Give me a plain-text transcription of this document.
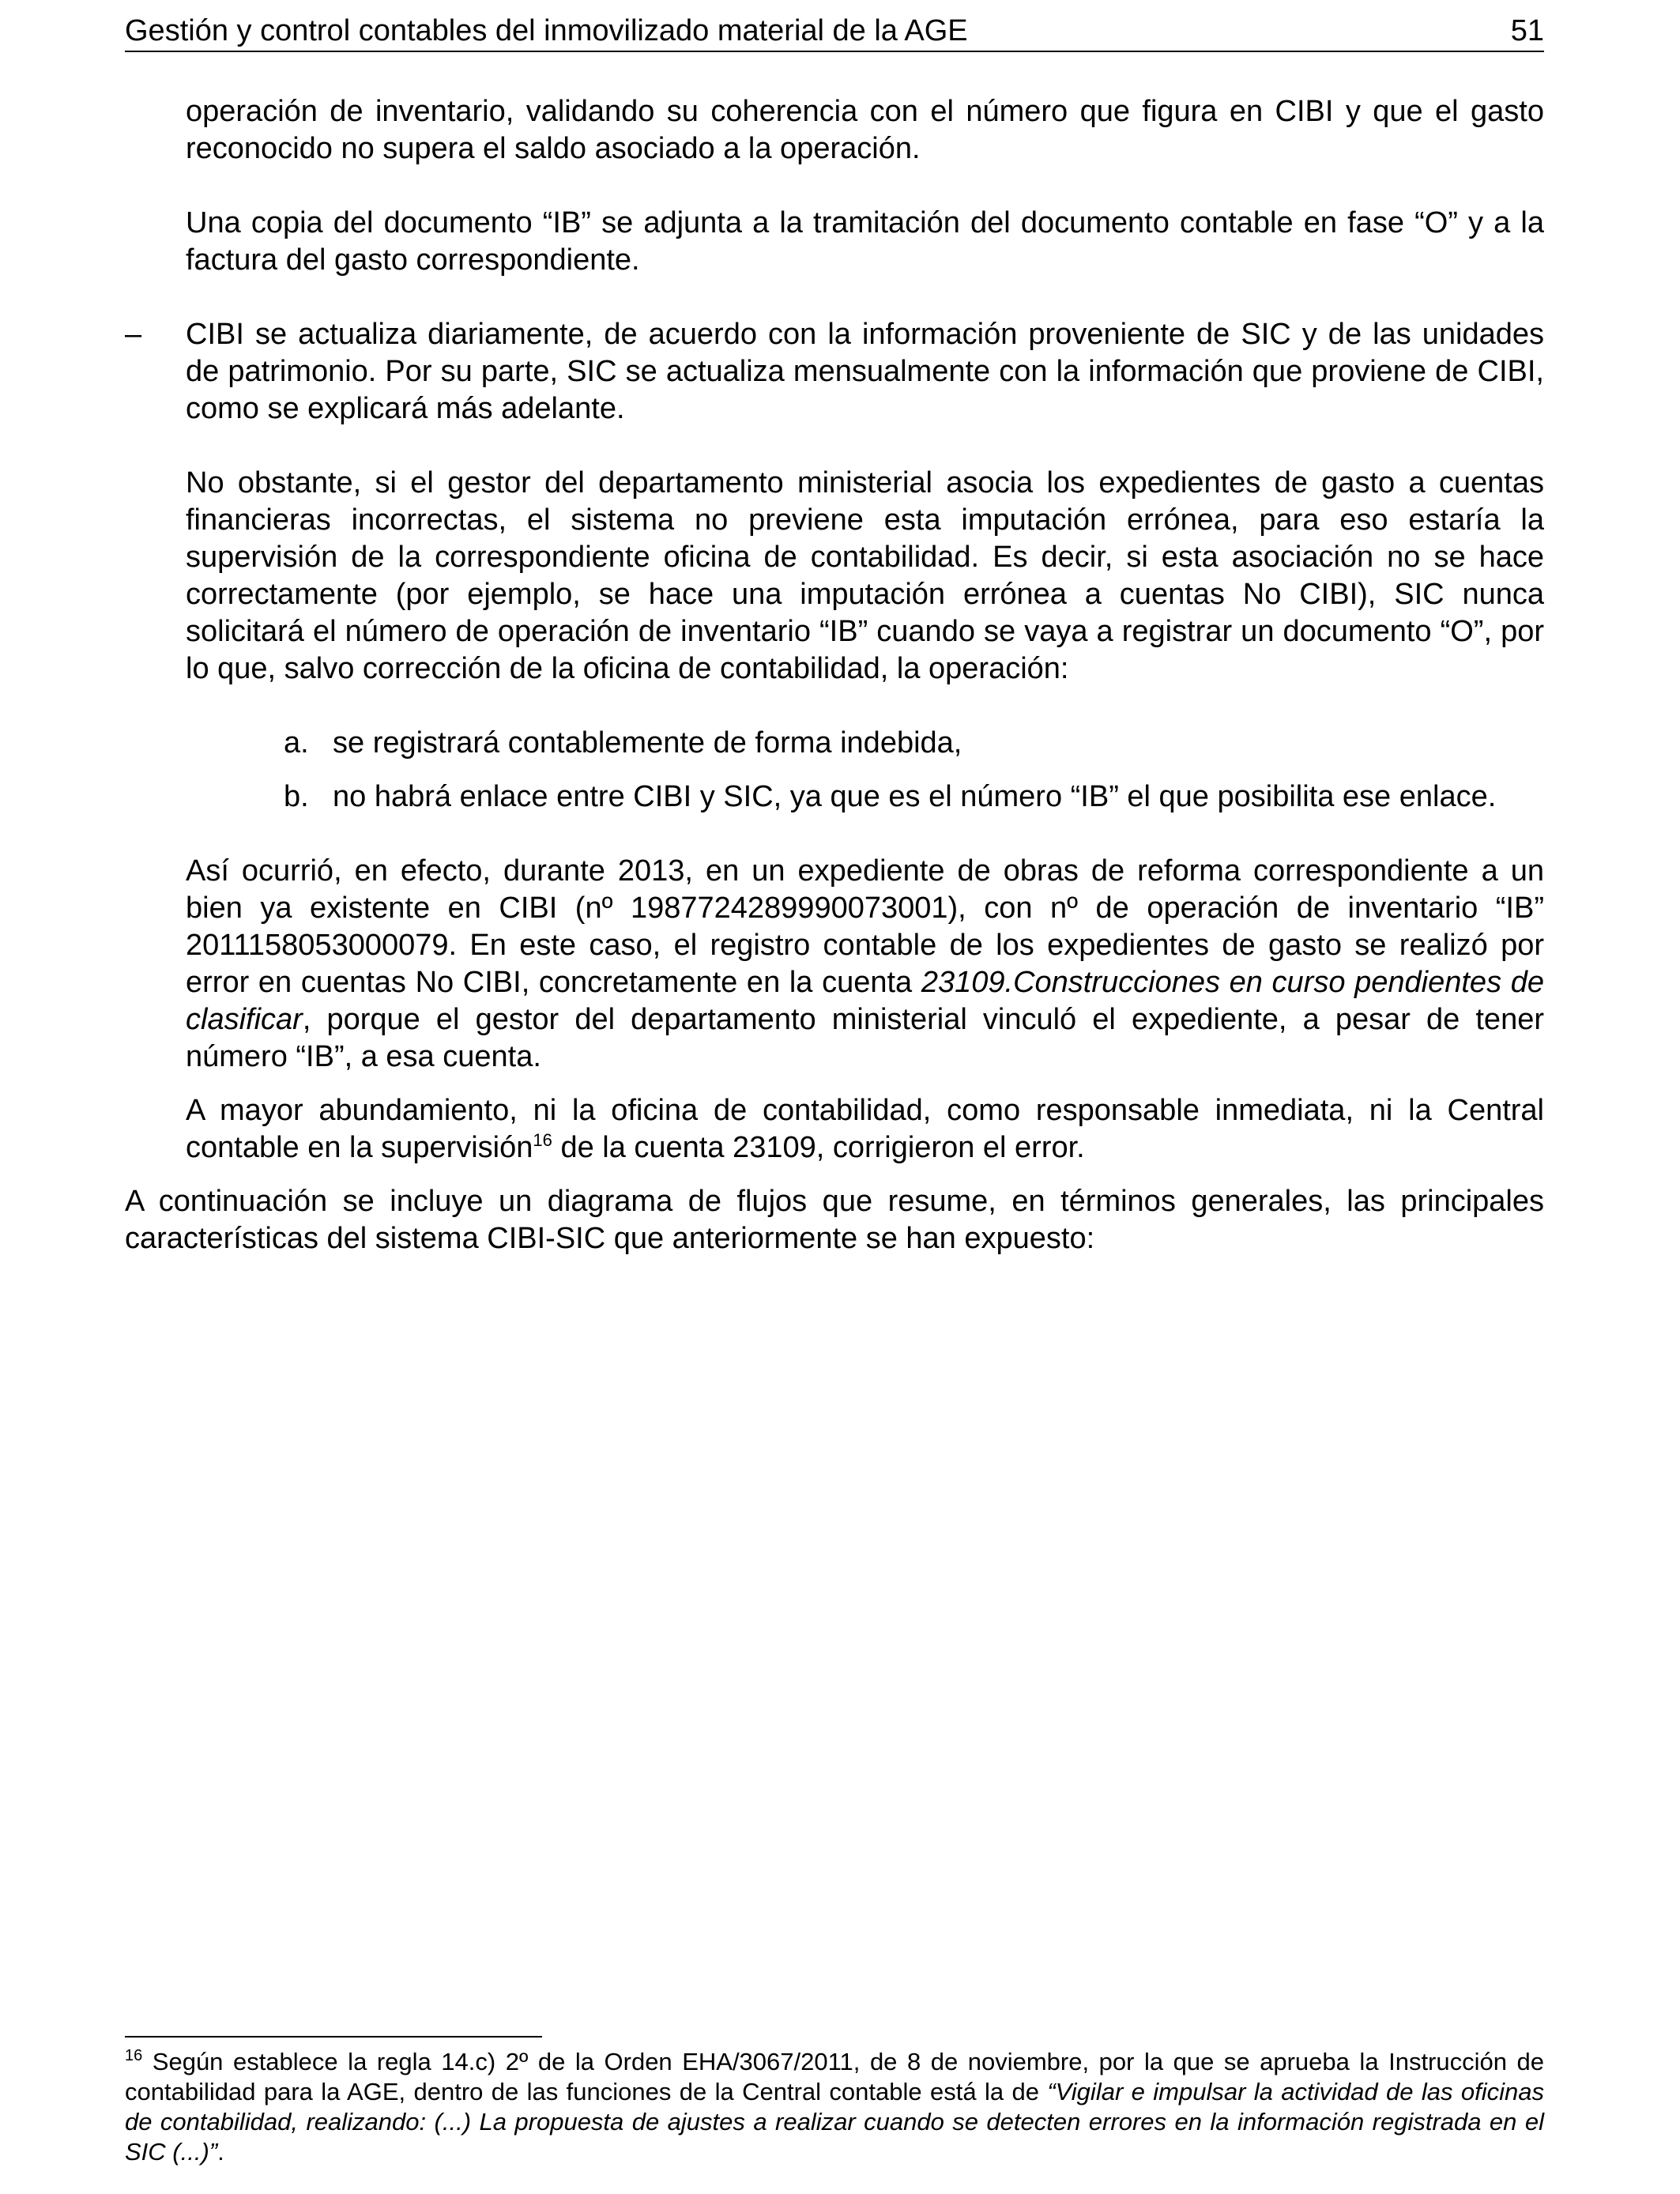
Gestión y control contables del inmovilizado material de la AGE	51

operación de inventario, validando su coherencia con el número que figura en CIBI y que el gasto reconocido no supera el saldo asociado a la operación.

Una copia del documento “IB” se adjunta a la tramitación del documento contable en fase “O” y a la factura del gasto correspondiente.

– CIBI se actualiza diariamente, de acuerdo con la información proveniente de SIC y de las unidades de patrimonio. Por su parte, SIC se actualiza mensualmente con la información que proviene de CIBI, como se explicará más adelante.

No obstante, si el gestor del departamento ministerial asocia los expedientes de gasto a cuentas financieras incorrectas, el sistema no previene esta imputación errónea, para eso estaría la supervisión de la correspondiente oficina de contabilidad. Es decir, si esta asociación no se hace correctamente (por ejemplo, se hace una imputación errónea a cuentas No CIBI), SIC nunca solicitará el número de operación de inventario “IB” cuando se vaya a registrar un documento “O”, por lo que, salvo corrección de la oficina de contabilidad, la operación:

a. se registrará contablemente de forma indebida,
b. no habrá enlace entre CIBI y SIC, ya que es el número “IB” el que posibilita ese enlace.

Así ocurrió, en efecto, durante 2013, en un expediente de obras de reforma correspondiente a un bien ya existente en CIBI (nº 1987724289990073001), con nº de operación de inventario “IB” 2011158053000079. En este caso, el registro contable de los expedientes de gasto se realizó por error en cuentas No CIBI, concretamente en la cuenta 23109.Construcciones en curso pendientes de clasificar, porque el gestor del departamento ministerial vinculó el expediente, a pesar de tener número “IB”, a esa cuenta.

A mayor abundamiento, ni la oficina de contabilidad, como responsable inmediata, ni la Central contable en la supervisión$^{16}$ de la cuenta 23109, corrigieron el error.

A continuación se incluye un diagrama de flujos que resume, en términos generales, las principales características del sistema CIBI-SIC que anteriormente se han expuesto:

$^{16}$ Según establece la regla 14.c) 2º de la Orden EHA/3067/2011, de 8 de noviembre, por la que se aprueba la Instrucción de contabilidad para la AGE, dentro de las funciones de la Central contable está la de “Vigilar e impulsar la actividad de las oficinas de contabilidad, realizando: (...) La propuesta de ajustes a realizar cuando se detecten errores en la información registrada en el SIC (...)”.
